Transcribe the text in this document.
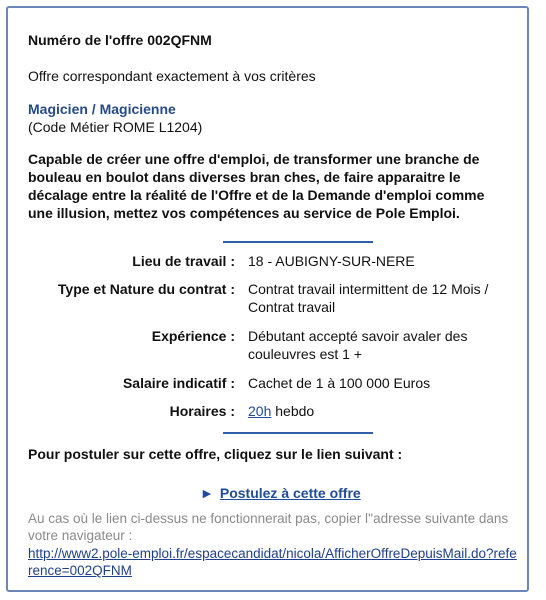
Numéro de l'offre 002QFNM
Offre correspondant exactement à vos critères
Magicien / Magicienne
(Code Métier ROME L1204)
Capable de créer une offre d'emploi, de transformer une branche de bouleau en boulot dans diverses bran ches, de faire apparaitre le décalage entre la réalité de l'Offre et de la Demande d'emploi comme une illusion, mettez vos compétences au service de Pole Emploi.
Lieu de travail : 18 - AUBIGNY-SUR-NERE
Type et Nature du contrat : Contrat travail intermittent de 12 Mois / Contrat travail
Expérience : Débutant accepté savoir avaler des couleuvres est 1 +
Salaire indicatif : Cachet de 1 à 100 000 Euros
Horaires : 20h hebdo
Pour postuler sur cette offre, cliquez sur le lien suivant :
► Postulez à cette offre
Au cas où le lien ci-dessus ne fonctionnerait pas, copier l''adresse suivante dans votre navigateur :
http://www2.pole-emploi.fr/espacecandidat/nicola/AfficherOffreDepuisMail.do?reference=002QFNM
